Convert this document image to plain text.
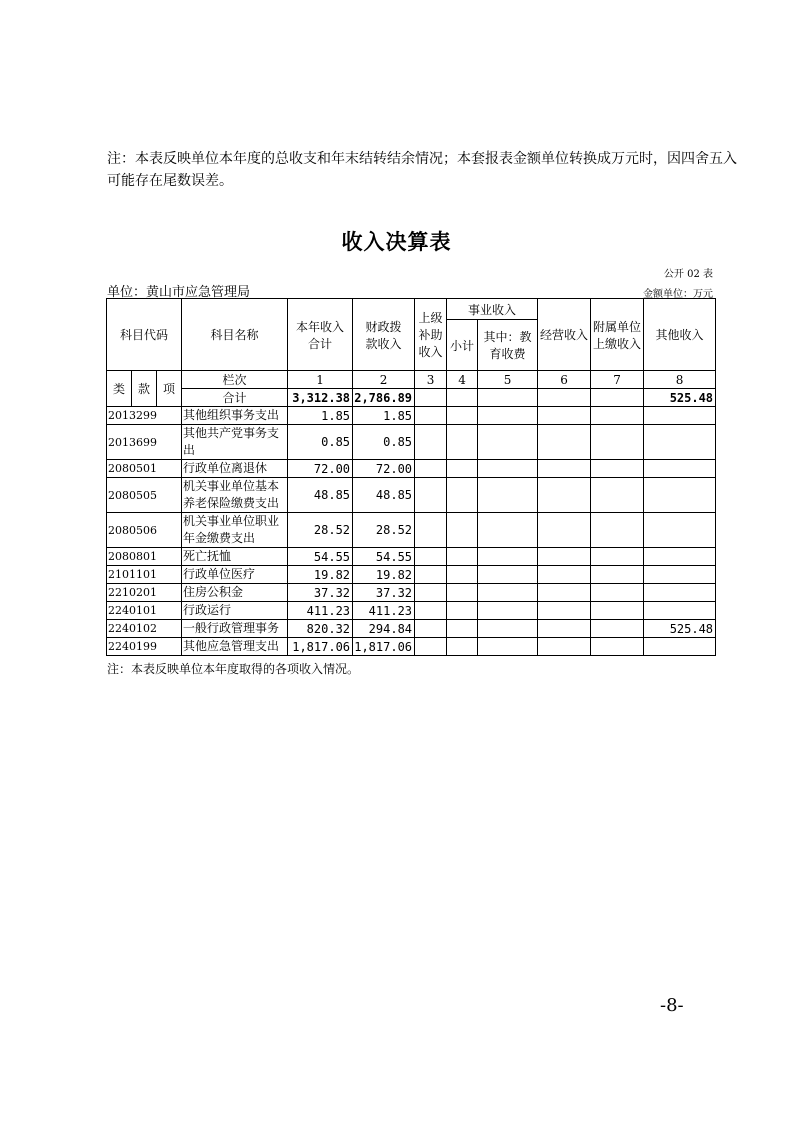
注：本表反映单位本年度的总收支和年末结转结余情况；本套报表金额单位转换成万元时，因四舍五入可能存在尾数误差。
收入决算表
公开 02 表
单位：黄山市应急管理局	金额单位：万元
科目代码			科目名称	本年收入合计	财政拨款收入	上级补助收入	事业收入		经营收入	附属单位上缴收入	其他收入
							小计	其中：教育收费			
类	款	项	栏次	1	2	3	4	5	6	7	8
			合计	3,312.38	2,786.89						525.48
2013299			其他组织事务支出	1.85	1.85						
2013699			其他共产党事务支出	0.85	0.85						
2080501			行政单位离退休	72.00	72.00						
2080505			机关事业单位基本养老保险缴费支出	48.85	48.85						
2080506			机关事业单位职业年金缴费支出	28.52	28.52						
2080801			死亡抚恤	54.55	54.55						
2101101			行政单位医疗	19.82	19.82						
2210201			住房公积金	37.32	37.32						
2240101			行政运行	411.23	411.23						
2240102			一般行政管理事务	820.32	294.84						525.48
2240199			其他应急管理支出	1,817.06	1,817.06						
注：本表反映单位本年度取得的各项收入情况。
-8-
